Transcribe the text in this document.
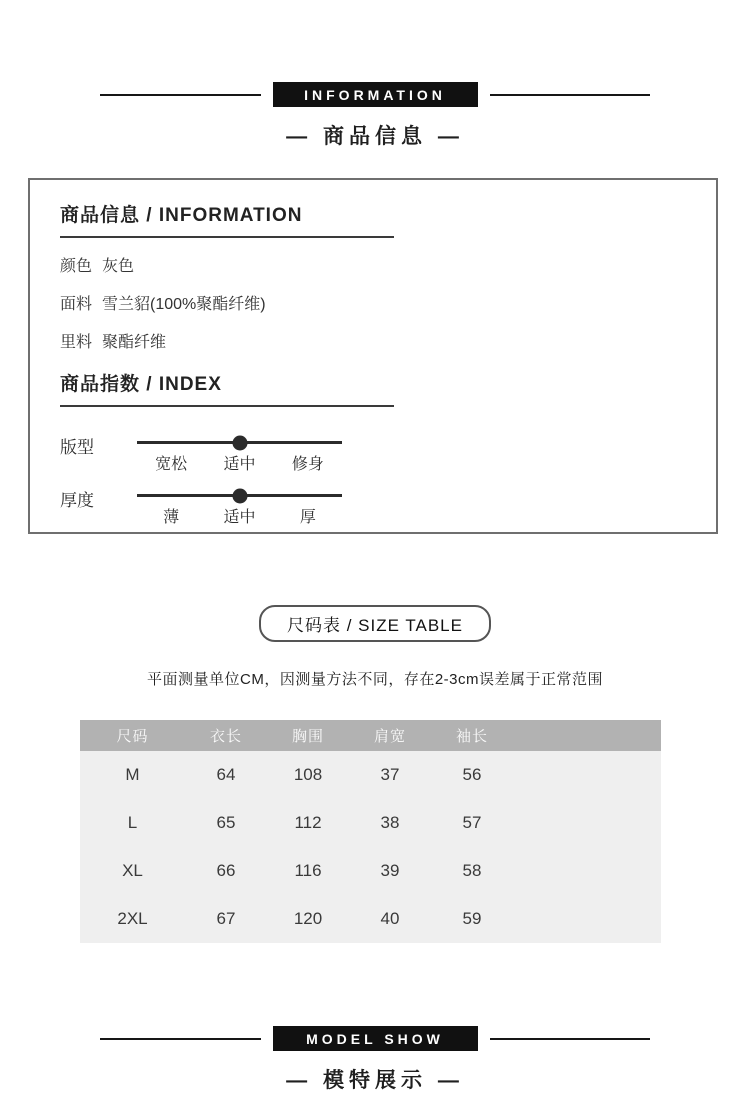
INFORMATION
— 商品信息 —
商品信息 / INFORMATION
颜色 灰色
面料 雪兰貂(100%聚酯纤维)
里料 聚酯纤维
商品指数 / INDEX
版型
宽松	适中	修身
厚度
薄	适中	厚
尺码表 / SIZE TABLE
平面测量单位CM，因测量方法不同，存在2-3cm误差属于正常范围
尺码	衣长	胸围	肩宽	袖长	
M	64	108	37	56	
L	65	112	38	57	
XL	66	116	39	58	
2XL	67	120	40	59	
MODEL SHOW
— 模特展示 —
